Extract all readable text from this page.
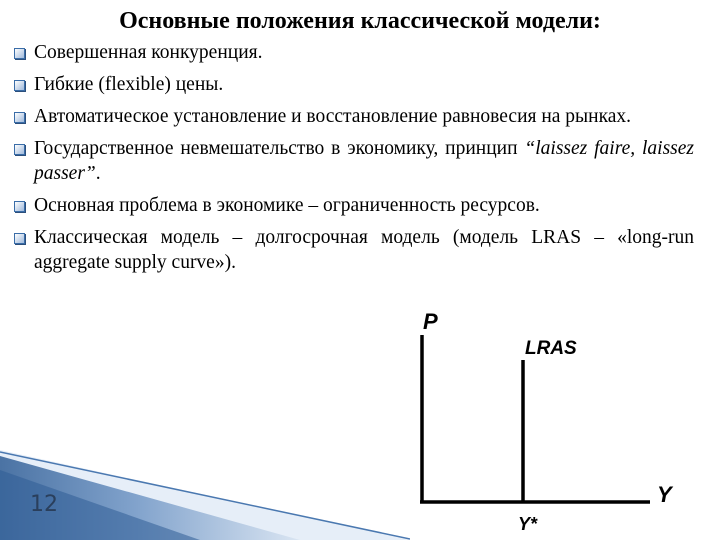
Основные положения классической модели:
Совершенная конкуренция.
Гибкие (flexible) цены.
Автоматическое установление и восстановление равновесия на рынках.
Государственное невмешательство в экономику, принцип “laissez faire, laissez passer”.
Основная проблема в экономике – ограниченность ресурсов.
Классическая модель – долгосрочная модель (модель LRAS – «long-run aggregate supply curve»).
12
P
Y
LRAS
Y*
